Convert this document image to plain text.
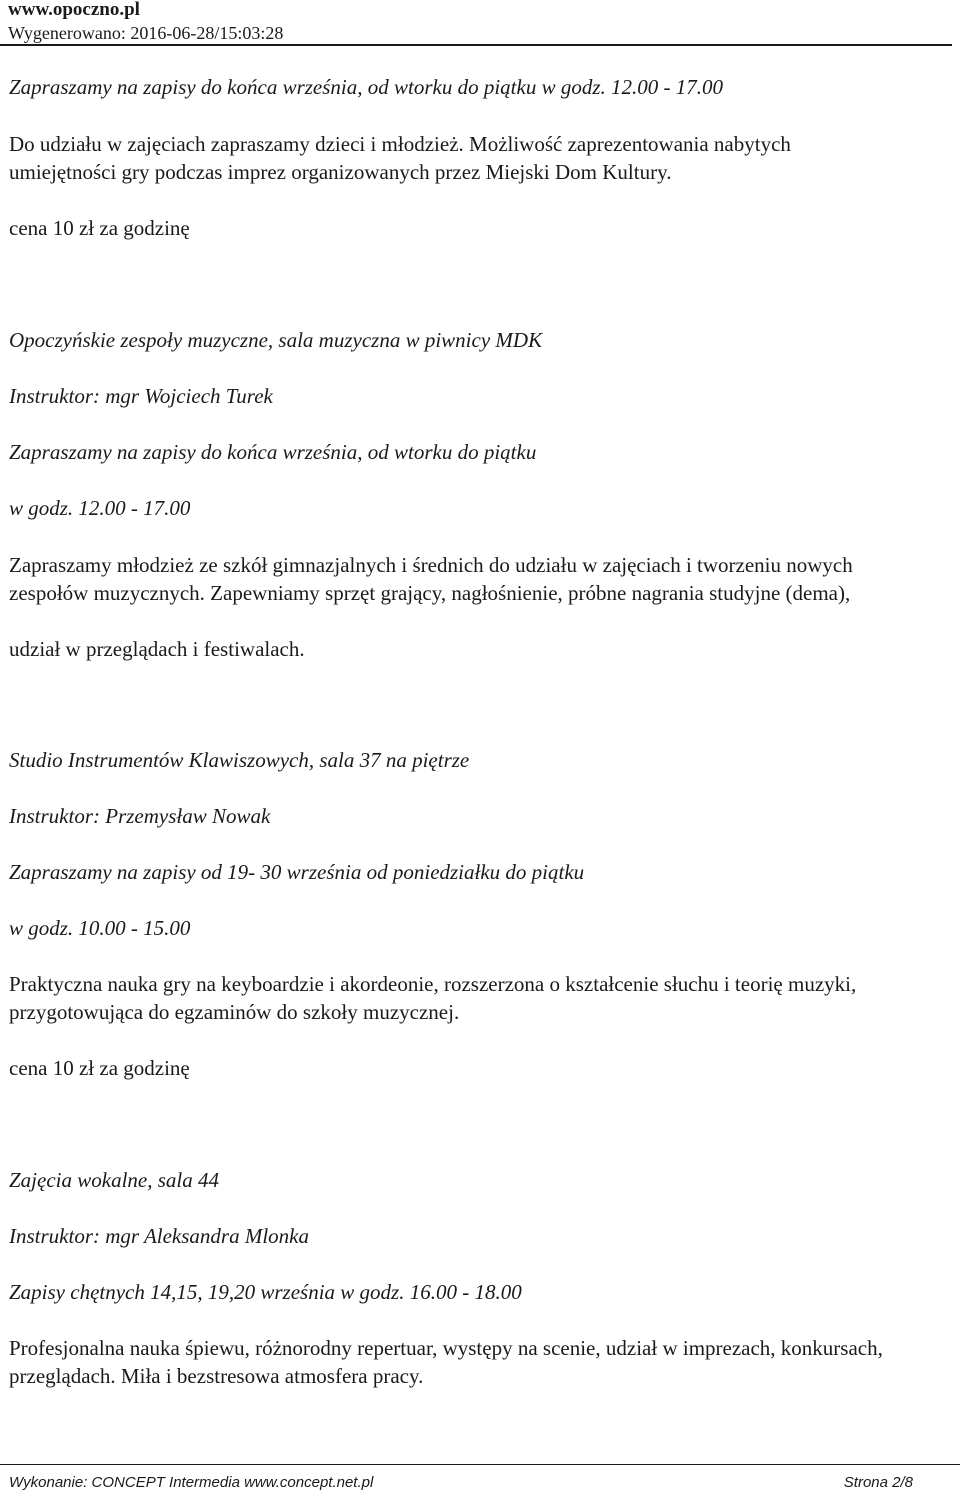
www.opoczno.pl
Wygenerowano: 2016-06-28/15:03:28

Zapraszamy na zapisy do końca września, od wtorku do piątku w godz. 12.00 - 17.00

Do udziału w zajęciach zapraszamy dzieci i młodzież. Możliwość zaprezentowania nabytych

umiejętności gry podczas imprez organizowanych przez Miejski Dom Kultury.

cena 10 zł za godzinę

Opoczyńskie zespoły muzyczne, sala muzyczna w piwnicy MDK

Instruktor: mgr Wojciech Turek

Zapraszamy na zapisy do końca września, od wtorku do piątku

w godz. 12.00 - 17.00

Zapraszamy młodzież ze szkół gimnazjalnych i średnich do udziału w zajęciach i tworzeniu nowych

zespołów muzycznych. Zapewniamy sprzęt grający, nagłośnienie, próbne nagrania studyjne (dema),

udział w przeglądach i festiwalach.

Studio Instrumentów Klawiszowych, sala 37 na piętrze

Instruktor: Przemysław Nowak

Zapraszamy na zapisy od 19- 30 września od poniedziałku do piątku

w godz. 10.00 - 15.00

Praktyczna nauka gry na keyboardzie i akordeonie, rozszerzona o kształcenie słuchu i teorię muzyki,

przygotowująca do egzaminów do szkoły muzycznej.

cena 10 zł za godzinę

Zajęcia wokalne, sala 44

Instruktor: mgr Aleksandra Mlonka

Zapisy chętnych 14,15, 19,20 września w godz. 16.00 - 18.00

Profesjonalna nauka śpiewu, różnorodny repertuar, występy na scenie, udział w imprezach, konkursach,

przeglądach. Miła i bezstresowa atmosfera pracy.

Wykonanie: CONCEPT Intermedia www.concept.net.pl	Strona 2/8
